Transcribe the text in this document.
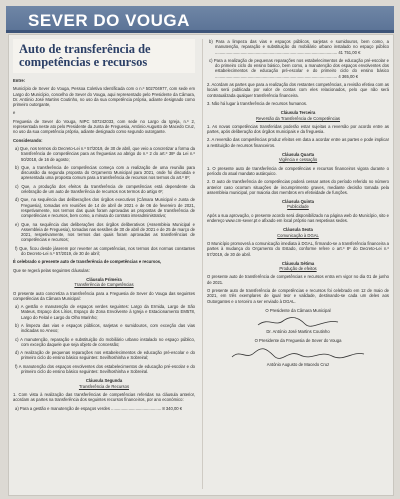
SEVER DO VOUGA
Auto de transferência de competências e recursos

Entre:

Município de Sever do Vouga, Pessoa Coletiva Identificada com o n.º 502704977, com sede em Largo do Município, concelho de Sever do Vouga, aqui representado pelo Presidente da Câmara, Dr. António José Martins Coutinho, no uso da sua competência própria, adiante designado como primeiro outorgante,

e

Freguesia de Sever do Vouga, NIPC 507242033, com sede no Largo da Igreja, n.º 2, representada neste ato pelo Presidente da Junta de Freguesia, António Augusto de Macedo Cruz, no uso da sua competência própria, adiante designado como segundo outorgante.

Considerando:

a) Que, nos termos do Decreto-Lei n.º 57/2019, de 30 de abril, que veio a concretizar a forma da transferência de competências para as freguesias ao abrigo do n.º 2 do art.º 38º da Lei n.º 50/2018, de 16 de agosto;

b) Que, a transferência de competências começa com a realização de uma reunião para discussão da segunda proposta do Orçamento Municipal para 2021, onde foi discutida e apresentada uma proposta comum para a transferência de recursos nos termos do art.º 8º;

c) Que, a produção dos efeitos da transferência de competências está dependente da celebração de um auto de transferência de recursos nos termos do artigo 6º;

d) Que, na sequência das deliberações dos órgãos executivos (Câmara Municipal e Junta de Freguesia), tomadas em reuniões de 14 de abril de 2021 e de 06 de fevereiro de 2021, respetivamente, nos termos das quais foram aprovadas as propostas de transferência de competências e recursos, bem como, a minuta do contrato interadministrativo;

e) Que, na sequência das deliberações dos órgãos deliberativos (Assembleia Municipal e Assembleia de Freguesia), tomadas nas sessões de 30 de abril de 2021 e de 25 de março de 2021, respetivamente, nos termos das quais foram aprovadas as transferências de competências e recursos;

f) Que, ficou desde jáserem por reverter as competências, nos termos dos normas constantes do Decreto-Lei n.º 57/2019, de 30 de abril;

É celebrado o presente auto de transferência de competências e recursos,

Que se regerá pelas seguintes cláusulas:

Cláusula Primeira

Transferência de Competências

O presente auto concretiza a transferência para a Freguesia de Sever do Vouga das seguintes competências da Câmara Municipal:

a) A gestão e manutenção de espaços verdes seguintes: Largo da Ermida, Largo de São Mateus, Espaço dos Lírios, Espaço do Zona Envolvente à Igreja e Estacionamento EM578, Largo do Feital e Largo do Olho Marinho;

b) A limpeza das vias e espaços públicos, sarjetas e sumidouros, com exceção das vias indicadas no Anexo;

c) A manutenção, reparação e substituição do mobiliário urbano instalado no espaço público, com exceção daquele que seja objeto de concessão;

d) A realização de pequenas reparações nos estabelecimentos de educação pré-escolar e do primeiro ciclo do ensino básico seguintes: Sevilhoshinha e Sobreiral;

f) A manutenção dos espaços envolventes dos estabelecimentos de educação pré-escolar e do primeiro ciclo do ensino básico seguintes: Sevilhoshinha e Sobreiral.

Cláusula Segunda

Transferência de Recursos

1. Com vista à realização das transferências de competências referidas na cláusula anterior, acordam as partes na transferência dos seguintes recursos financeiros, por ano económico:

a) Para a gestão e manutenção de espaços verdes ........................................... 8 340,00 €

b) Para a limpeza das vias e espaços públicos, sarjetas e sumidouros, bem como, a manutenção, reparação e substituição do mobiliário urbano instalado no espaço público ......................................................................................................... 41 751,00 €

c) Para a realização de pequenas reparações nos estabelecimentos de educação pré-escolar e do primeiro ciclo do ensino básico, bem como, a manutenção dos espaços envolventes dos estabelecimentos de educação pré-escolar e do primeiro ciclo do ensino básico ......................................................................................................... 4 365,00 €

2. Acordam as partes que para a realização dos restantes competências, a revisão efetiva com as locais será publicada por valor de contas com eles relacionados, pelo que não será contratualizada qualquer transferência financeira.

3. Não há lugar à transferência de recursos humanos.

Cláusula Terceira

Reversão da Transferência de Competências

1. As novas competências transferidas poderão estar sujeitas a reversão por acordo entre as partes, após deliberação dos órgãos municipais e da freguesia.

2. A reversão das competências produz efeitos em data a acordar entre as partes e pode implicar a restituição de recursos financeiros.

Cláusula Quarta

Vigência e cessação

1. O presente auto de transferência de competências e recursos financeiros vigora durante o período do atual mandato autárquico.

2. O auto de transferência de competências poderá cessar antes do período referido no número anterior caso ocorram situações de incumprimento graves, mediante decisão tomada pela assembleia municipal, por maioria dos membros em efetividade de funções.

Cláusula Quinta

Publicidade

Após a sua aprovação, o presente acordo será disponibilizado na página web do Município, sito e endereço www.cm-sever.pt e afixado em local próprio nas respetivas sedes.

Cláusula Sexta

Comunicação à DGAL

O Município promoverá a comunicação imediata à DGAL, firmando-se a transferência financeira a partes à mudança do Orçamento do Estado, conforme refere o art.º 8º do Decreto-Lei n.º 57/2019, de 30 de abril.

Cláusula Sétima

Produção de efeitos

O presente auto de transferência de competências e recursos entra em vigor no dia 01 de junho de 2021.

O presente auto de transferência de competências e recursos foi celebrado em 12 de maio de 2021, em três exemplares de igual teor e validade, destinando-se cada um deles aos Outorgantes e o terceiro a ser enviado à DGAL.

O Presidente da Câmara Municipal
Dr. António José Martins Coutinho
O Presidente da Freguesia de Sever do Vouga
António Augusto de Macedo Cruz
